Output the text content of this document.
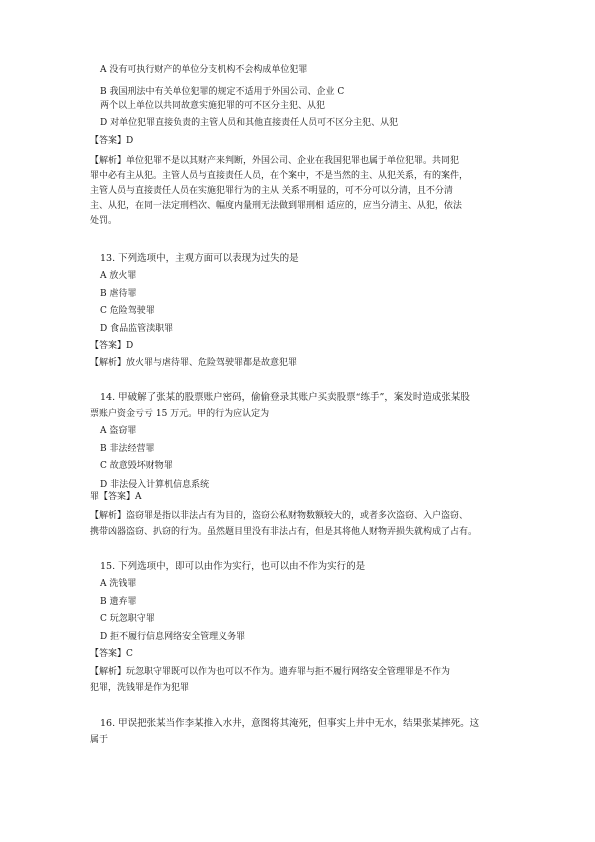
A 没有可执行财产的单位分支机构不会构成单位犯罪
B 我国刑法中有关单位犯罪的规定不适用于外国公司、企业 C
两个以上单位以共同故意实施犯罪的可不区分主犯、从犯
D 对单位犯罪直接负责的主管人员和其他直接责任人员可不区分主犯、从犯
【答案】D
【解析】单位犯罪不是以其财产来判断，外国公司、企业在我国犯罪也属于单位犯罪。共同犯
罪中必有主从犯。主管人员与直接责任人员，在个案中，不是当然的主、从犯关系，有的案件，
主管人员与直接责任人员在实施犯罪行为的主从 关系不明显的，可不分可以分清，且不分清
主、从犯，在同一法定刑档次、幅度内量刑无法做到罪刑相 适应的，应当分清主、从犯，依法
处罚。
13. 下列选项中，主观方面可以表现为过失的是
A 放火罪
B 虐待罪
C 危险驾驶罪
D 食品监管渎职罪
【答案】D
【解析】放火罪与虐待罪、危险驾驶罪都是故意犯罪
14. 甲破解了张某的股票账户密码，偷偷登录其账户买卖股票“练手”，案发时造成张某股
票账户资金亏亏 15 万元。甲的行为应认定为
A 盗窃罪
B 非法经营罪
C 故意毁坏财物罪
D 非法侵入计算机信息系统
罪【答案】A
【解析】盗窃罪是指以非法占有为目的，盗窃公私财物数额较大的，或者多次盗窃、入户盗窃、
携带凶器盗窃、扒窃的行为。虽然题目里没有非法占有，但是其将他人财物弄损失就构成了占有。
15. 下列选项中，即可以由作为实行，也可以由不作为实行的是
A 洗钱罪
B 遗弃罪
C 玩忽职守罪
D 拒不履行信息网络安全管理义务罪
【答案】C
【解析】玩忽职守罪既可以作为也可以不作为。遗弃罪与拒不履行网络安全管理罪是不作为
犯罪，洗钱罪是作为犯罪
16. 甲误把张某当作李某推入水井，意图将其淹死，但事实上井中无水，结果张某摔死。这
属于
